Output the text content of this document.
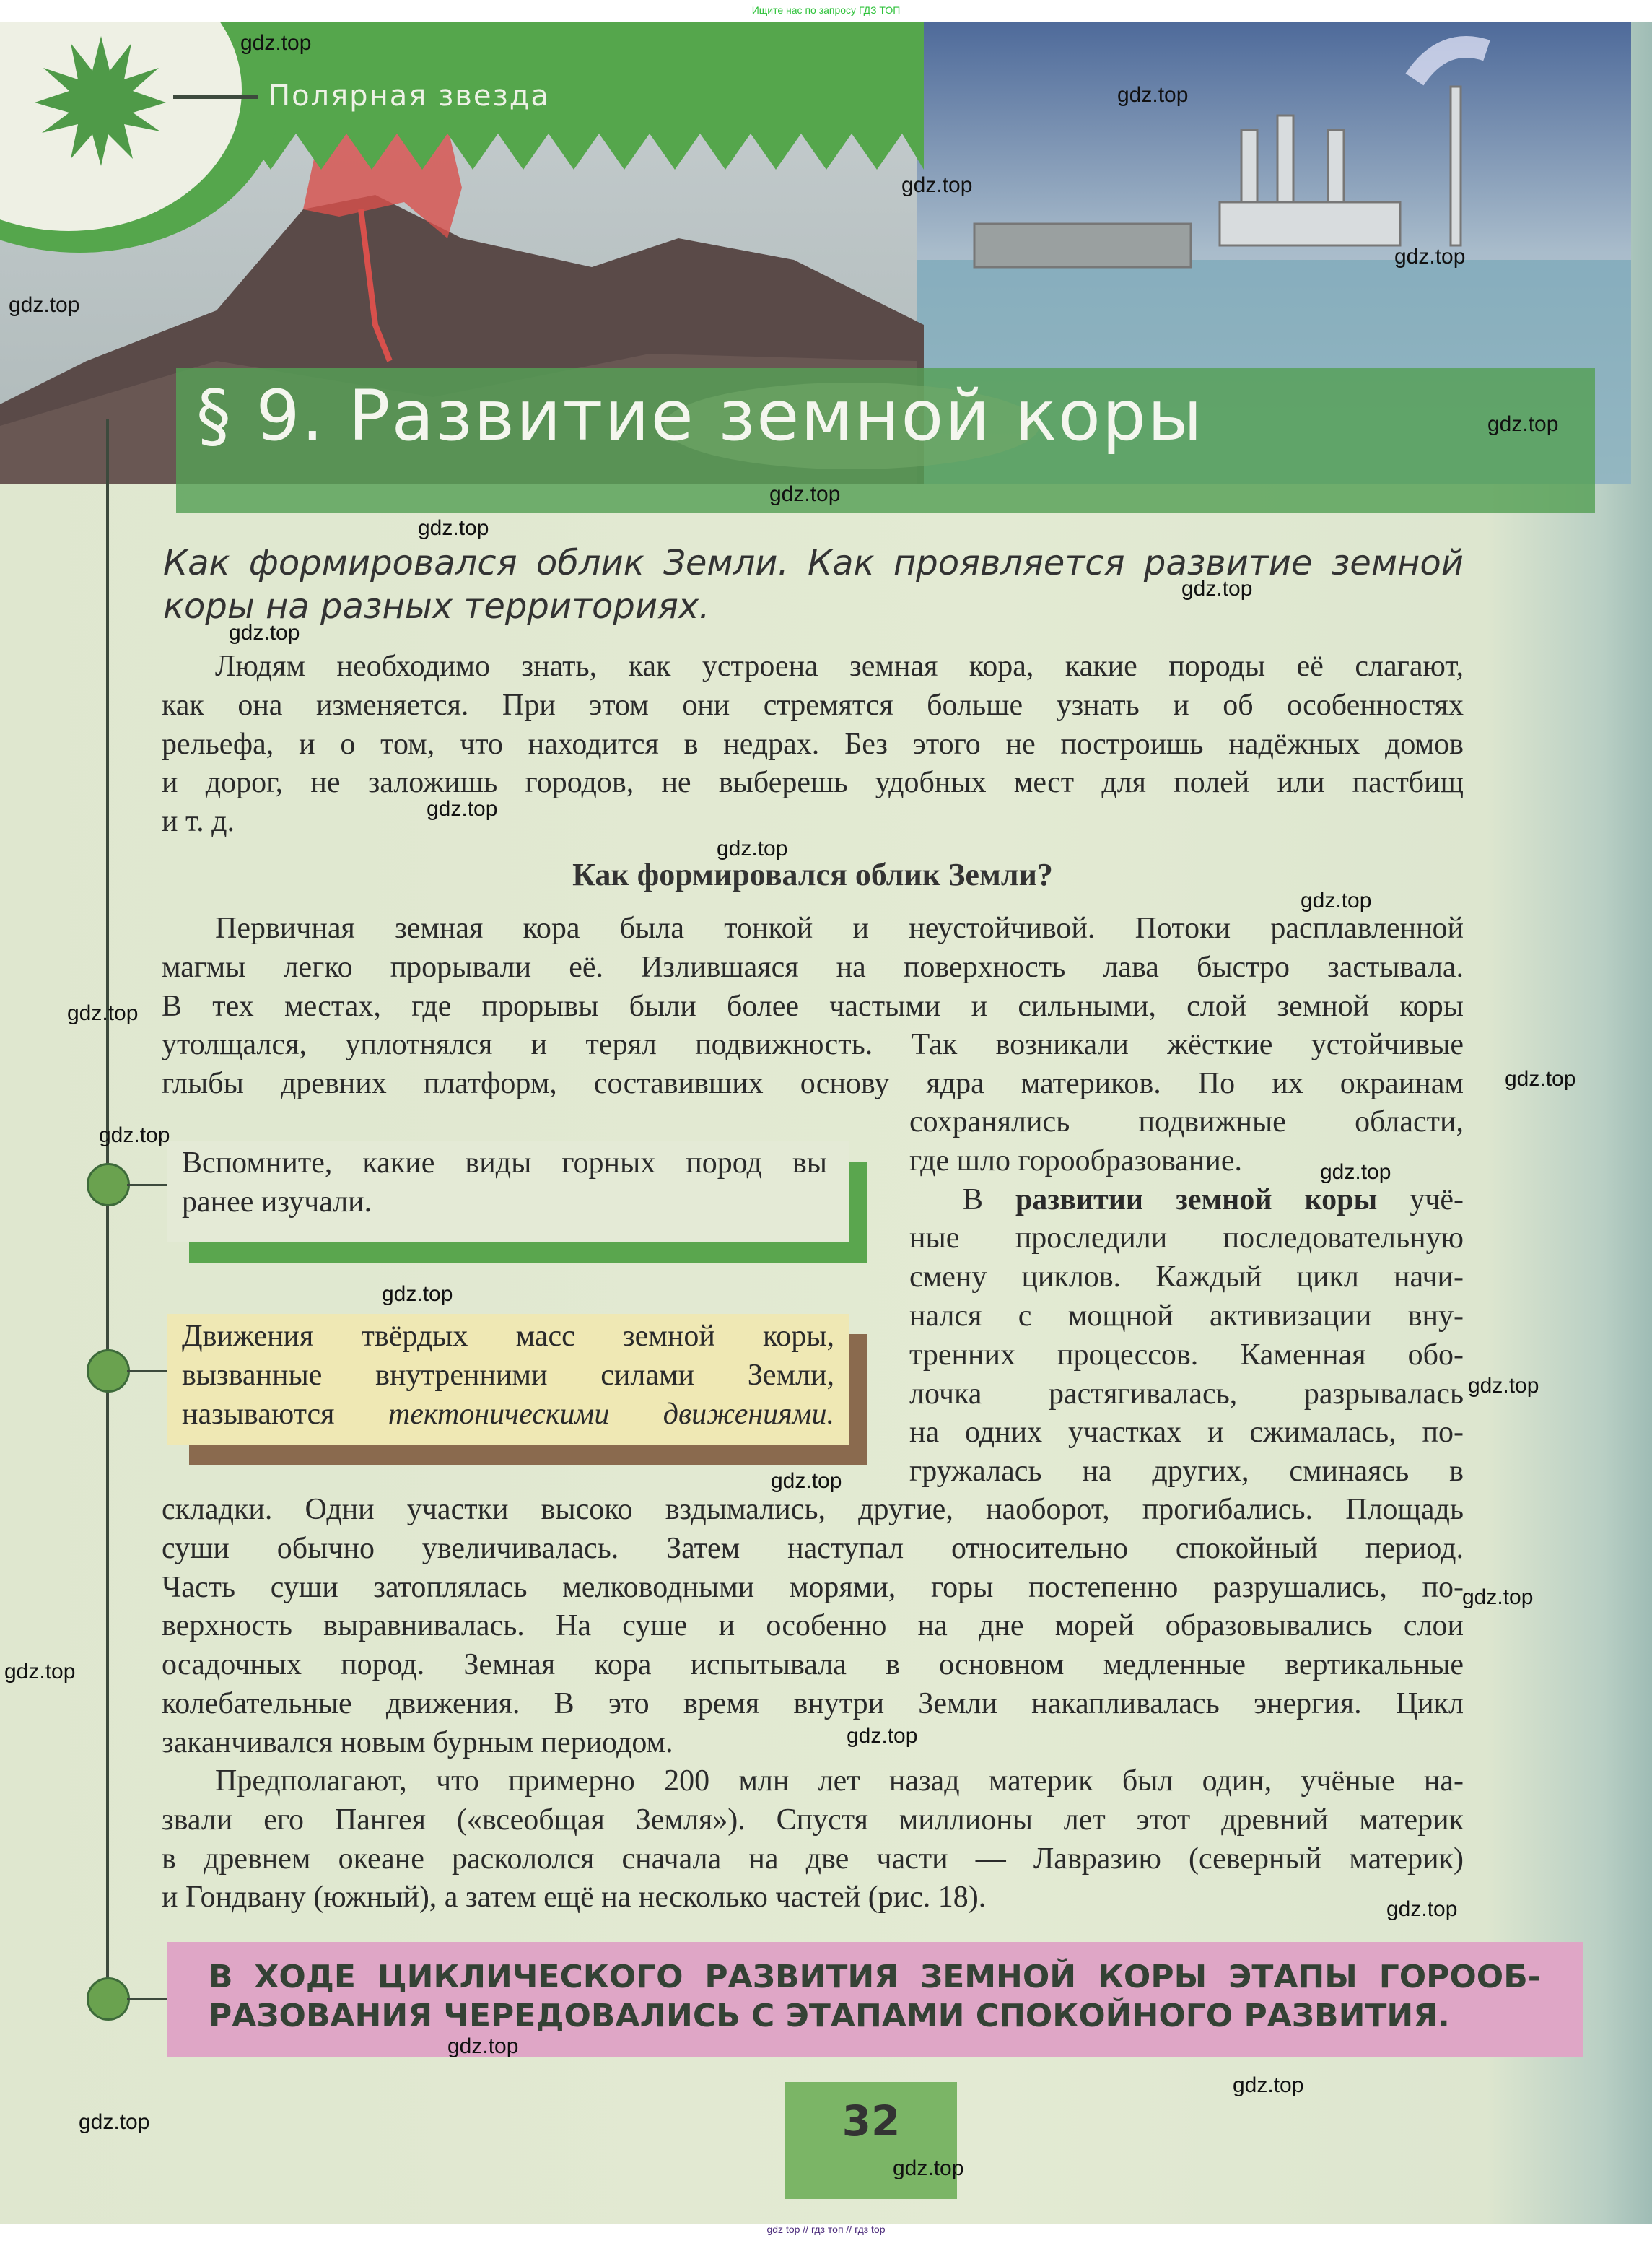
Ищите нас по запросу ГДЗ ТОП
Полярная звезда
§ 9. Развитие земной коры
Как формировался облик Земли. Как проявляется развитие земной
коры на разных территориях.
Людям необходимо знать, как устроена земная кора, какие породы её слагают,
как она изменяется. При этом они стремятся больше узнать и об особенностях
рельефа, и о том, что находится в недрах. Без этого не построишь надёжных домов
и дорог, не заложишь городов, не выберешь удобных мест для полей или пастбищ
и т. д.
Первичная земная кора была тонкой и неустойчивой. Потоки расплавленной
магмы легко прорывали её. Излившаяся на поверхность лава быстро застывала.
В тех местах, где прорывы были более частыми и сильными, слой земной коры
утолщался, уплотнялся и терял подвижность. Так возникали жёсткие устойчивые
глыбы древних платформ, составивших основу ядра материков. По их окраинам
сохранялись подвижные области,
где шло горообразование.
В развитии земной коры учё-
ные проследили последовательную
смену циклов. Каждый цикл начи-
нался с мощной активизации вну-
тренних процессов. Каменная обо-
лочка растягивалась, разрывалась
на одних участках и сжималась, по-
гружалась на других, сминаясь в
складки. Одни участки высоко вздымались, другие, наоборот, прогибались. Площадь
суши обычно увеличивалась. Затем наступал относительно спокойный период.
Часть суши затоплялась мелководными морями, горы постепенно разрушались, по-
верхность выравнивалась. На суше и особенно на дне морей образовывались слои
осадочных пород. Земная кора испытывала в основном медленные вертикальные
колебательные движения. В это время внутри Земли накапливалась энергия. Цикл
заканчивался новым бурным периодом.
Предполагают, что примерно 200 млн лет назад материк был один, учёные на-
звали его Пангея («всеобщая Земля»). Спустя миллионы лет этот древний материк
в древнем океане раскололся сначала на две части — Лавразию (северный материк)
и Гондвану (южный), а затем ещё на несколько частей (рис. 18).
Как формировался облик Земли?
Вспомните, какие виды горных пород вы
ранее изучали.
Движения твёрдых масс земной коры,
вызванные внутренними силами Земли,
называются тектоническими движениями.
В ХОДЕ ЦИКЛИЧЕСКОГО РАЗВИТИЯ ЗЕМНОЙ КОРЫ ЭТАПЫ ГОРООБ-
РАЗОВАНИЯ ЧЕРЕДОВАЛИСЬ С ЭТАПАМИ СПОКОЙНОГО РАЗВИТИЯ.
32
gdz.top
gdz.top
gdz.top
gdz.top
gdz.top
gdz.top
gdz.top
gdz.top
gdz.top
gdz.top
gdz.top
gdz.top
gdz.top
gdz.top
gdz.top
gdz.top
gdz.top
gdz.top
gdz.top
gdz.top
gdz.top
gdz.top
gdz.top
gdz.top
gdz.top
gdz.top
gdz.top
gdz.top
gdz top // гдз топ // гдз top
